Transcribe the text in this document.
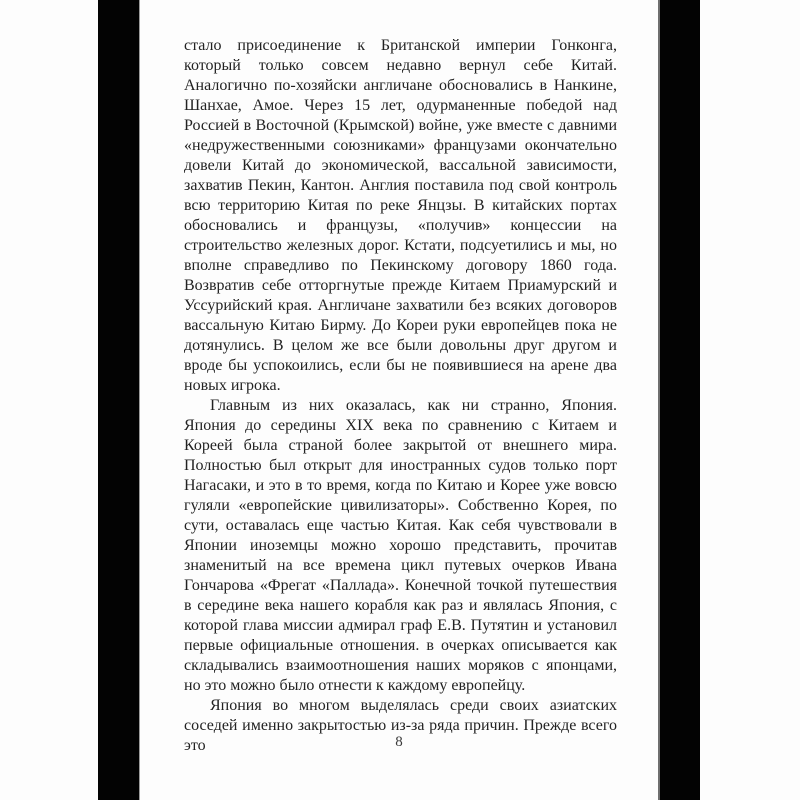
стало присоединение к Британской империи Гонконга, который только совсем недавно вернул себе Китай. Аналогично по-хозяйски англичане обосновались в Нанкине, Шанхае, Амое. Через 15 лет, одурманенные победой над Россией в Восточной (Крымской) войне, уже вместе с давними «недружественными союзниками» французами окончательно довели Китай до экономической, вассальной зависимости, захватив Пекин, Кантон. Англия поставила под свой контроль всю территорию Китая по реке Янцзы. В китайских портах обосновались и французы, «получив» концессии на строительство железных дорог. Кстати, подсуетились и мы, но вполне справедливо по Пекинскому договору 1860 года. Возвратив себе отторгнутые прежде Китаем Приамурский и Уссурийский края. Англичане захватили без всяких договоров вассальную Китаю Бирму. До Кореи руки европейцев пока не дотянулись. В целом же все были довольны друг другом и вроде бы успокоились, если бы не появившиеся на арене два новых игрока.

Главным из них оказалась, как ни странно, Япония. Япония до середины XIX века по сравнению с Китаем и Кореей была страной более закрытой от внешнего мира. Полностью был открыт для иностранных судов только порт Нагасаки, и это в то время, когда по Китаю и Корее уже вовсю гуляли «европейские цивилизаторы». Собственно Корея, по сути, оставалась еще частью Китая. Как себя чувствовали в Японии иноземцы можно хорошо представить, прочитав знаменитый на все времена цикл путевых очерков Ивана Гончарова «Фрегат «Паллада». Конечной точкой путешествия в середине века нашего корабля как раз и являлась Япония, с которой глава миссии адмирал граф Е.В. Путятин и установил первые официальные отношения. в очерках описывается как складывались взаимоотношения наших моряков с японцами, но это можно было отнести к каждому европейцу.

Япония во многом выделялась среди своих азиатских соседей именно закрытостью из-за ряда причин. Прежде всего это	8
